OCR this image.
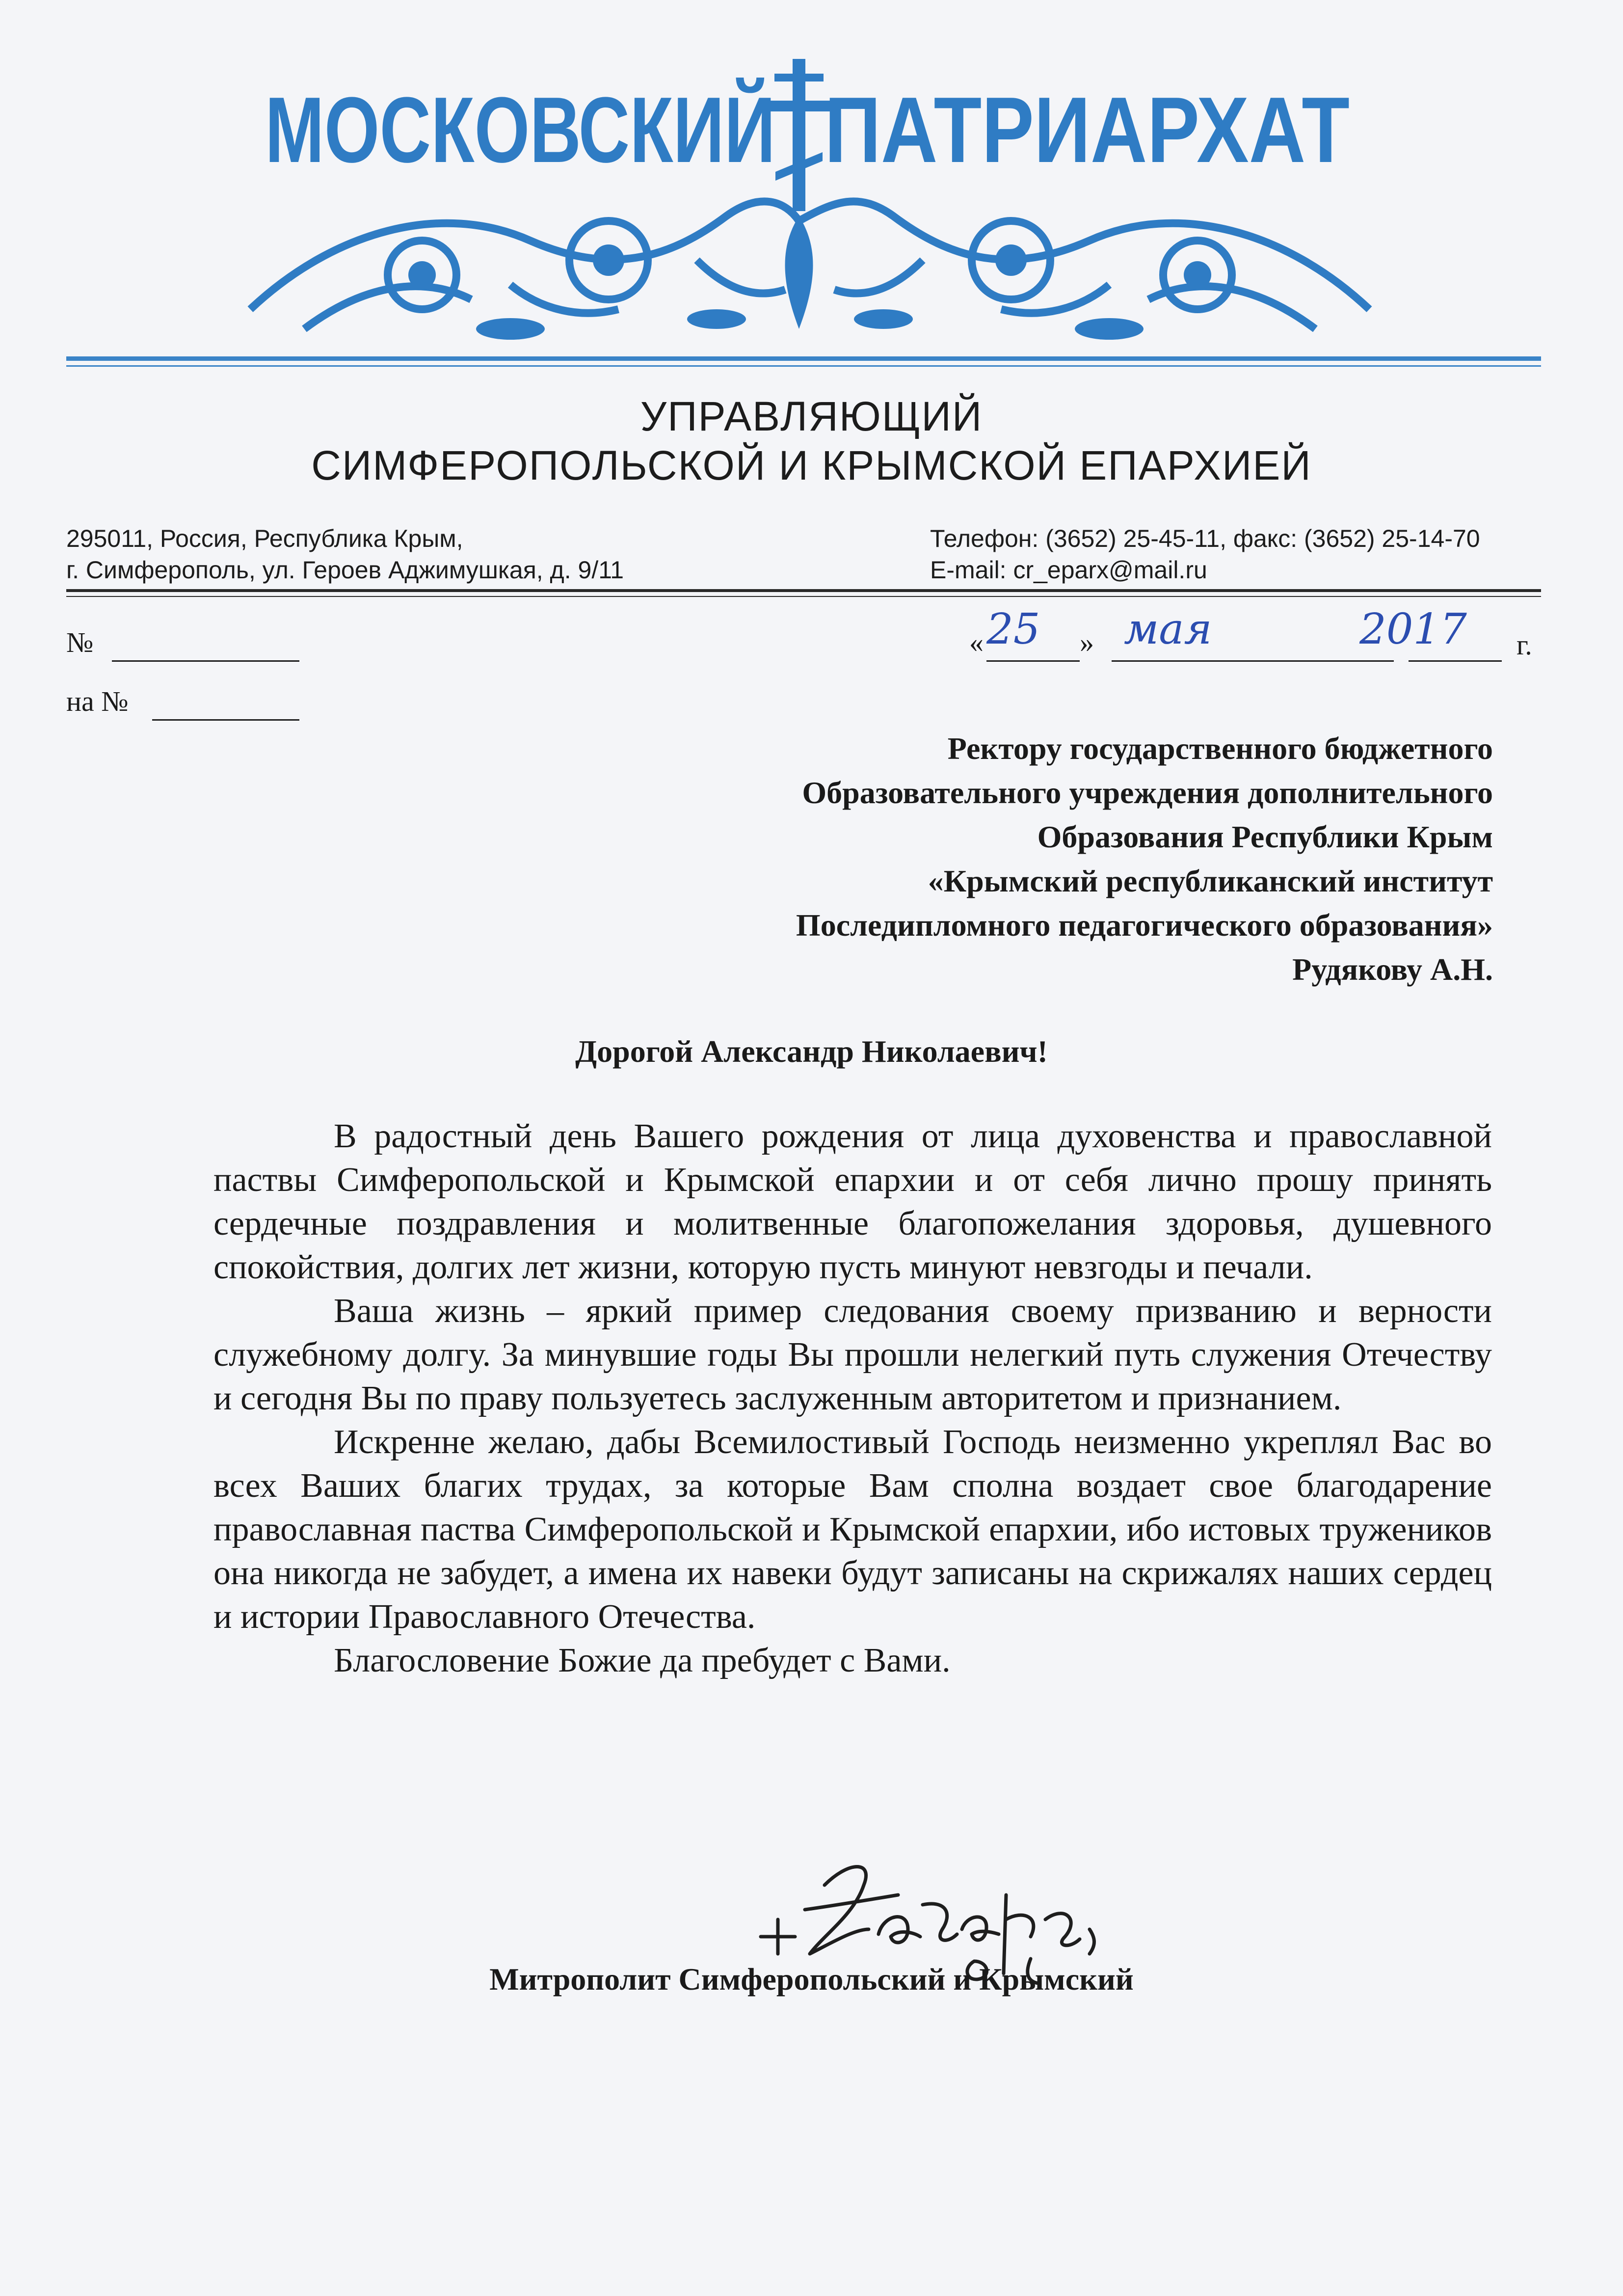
МОСКОВСКИЙ
ПАТРИАРХАТ
УПРАВЛЯЮЩИЙ
СИМФЕРОПОЛЬСКОЙ И КРЫМСКОЙ ЕПАРХИЕЙ
295011, Россия, Республика Крым,
г. Симферополь, ул. Героев Аджимушкая, д. 9/11
Телефон: (3652) 25-45-11, факс: (3652) 25-14-70
E-mail: cr_eparx@mail.ru
№
на №
« 25 » мая	2017 г.
Ректору государственного бюджетного
Образовательного учреждения дополнительного
Образования Республики Крым
«Крымский республиканский институт
Последипломного педагогического образования»
Рудякову А.Н.
Дорогой Александр Николаевич!

В радостный день Вашего рождения от лица духовенства и православной паствы Симферопольской и Крымской епархии и от себя лично прошу принять сердечные поздравления и молитвенные благопожелания здоровья, душевного спокойствия, долгих лет жизни, которую пусть минуют невзгоды и печали.

Ваша жизнь – яркий пример следования своему призванию и верности служебному долгу. За минувшие годы Вы прошли нелегкий путь служения Отечеству и сегодня Вы по праву пользуетесь заслуженным авторитетом и признанием.

Искренне желаю, дабы Всемилостивый Господь неизменно укреплял Вас во всех Ваших благих трудах, за которые Вам сполна воздает свое благодарение православная паства Симферопольской и Крымской епархии, ибо истовых тружеников она никогда не забудет, а имена их навеки будут записаны на скрижалях наших сердец и истории Православного Отечества.

Благословение Божие да пребудет с Вами.

Митрополит Симферопольский и Крымский
